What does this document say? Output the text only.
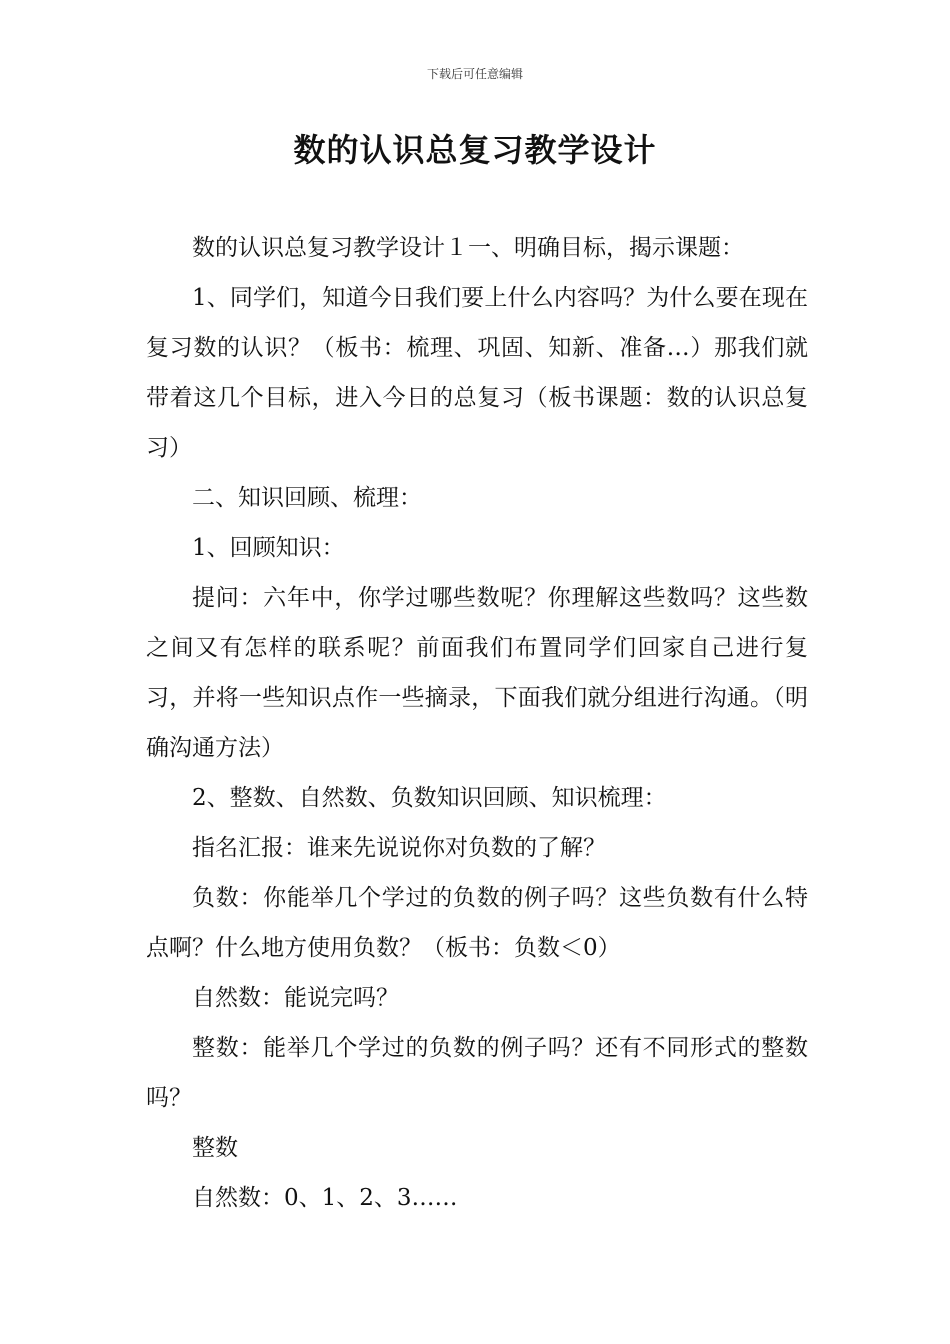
下载后可任意编辑
数的认识总复习教学设计

数的认识总复习教学设计１一、明确目标，揭示课题：

1、同学们，知道今日我们要上什么内容吗？为什么要在现在复习数的认识？（板书：梳理、巩固、知新、准备…）那我们就带着这几个目标，进入今日的总复习（板书课题：数的认识总复习）

二、知识回顾、梳理：

1、回顾知识：

提问：六年中，你学过哪些数呢？你理解这些数吗？这些数之间又有怎样的联系呢？前面我们布置同学们回家自己进行复习，并将一些知识点作一些摘录，下面我们就分组进行沟通。（明确沟通方法）

2、整数、自然数、负数知识回顾、知识梳理：

指名汇报：谁来先说说你对负数的了解？

负数：你能举几个学过的负数的例子吗？这些负数有什么特点啊？什么地方使用负数？（板书：负数＜0）

自然数：能说完吗？

整数：能举几个学过的负数的例子吗？还有不同形式的整数吗？

整数

自然数：0、1、2、3……
